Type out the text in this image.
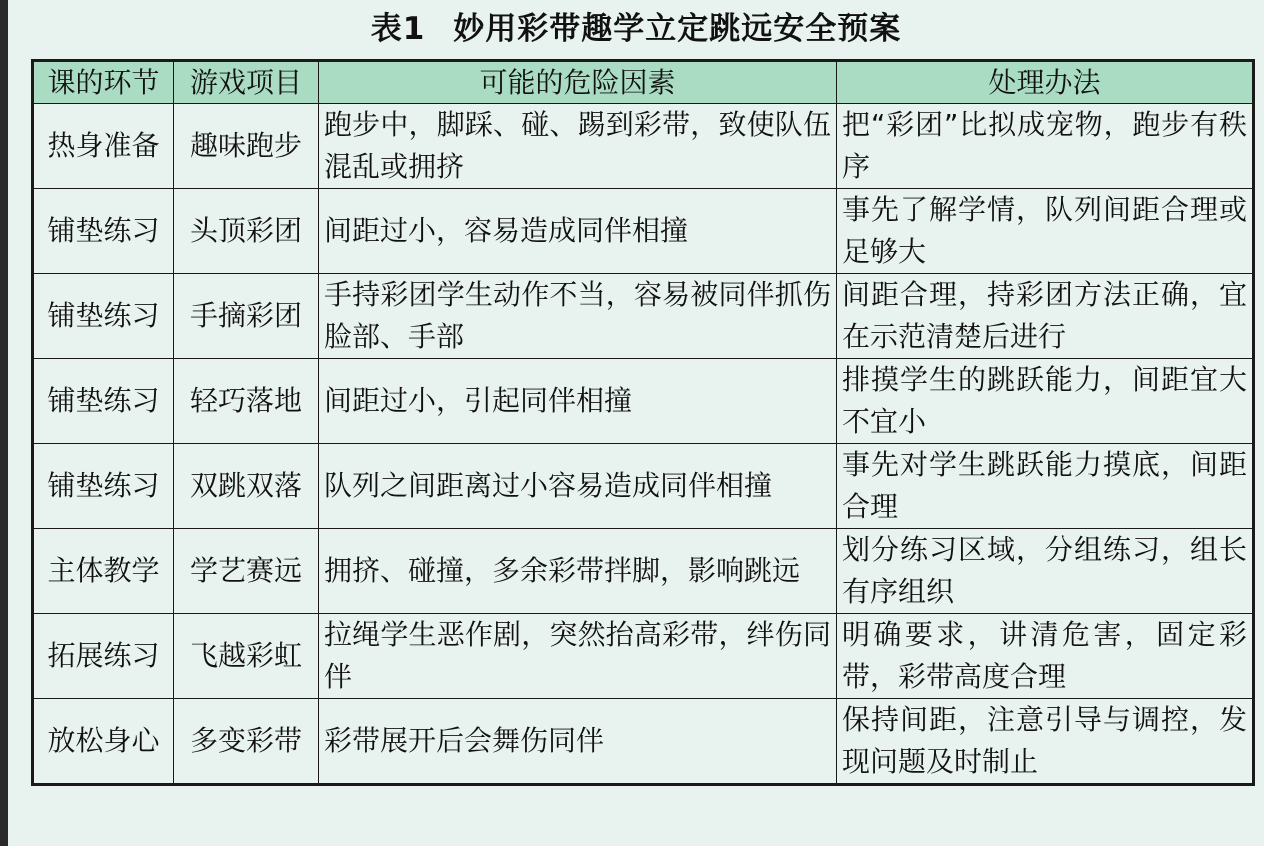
表1 妙用彩带趣学立定跳远安全预案
课的环节	游戏项目	可能的危险因素	处理办法
热身准备	趣味跑步	跑步中，脚踩、碰、踢到彩带，致使队伍混乱或拥挤	把“彩团”比拟成宠物，跑步有秩序
铺垫练习	头顶彩团	间距过小，容易造成同伴相撞	事先了解学情，队列间距合理或足够大
铺垫练习	手摘彩团	手持彩团学生动作不当，容易被同伴抓伤脸部、手部	间距合理，持彩团方法正确，宜在示范清楚后进行
铺垫练习	轻巧落地	间距过小，引起同伴相撞	排摸学生的跳跃能力，间距宜大不宜小
铺垫练习	双跳双落	队列之间距离过小容易造成同伴相撞	事先对学生跳跃能力摸底，间距合理
主体教学	学艺赛远	拥挤、碰撞，多余彩带拌脚，影响跳远	划分练习区域，分组练习，组长有序组织
拓展练习	飞越彩虹	拉绳学生恶作剧，突然抬高彩带，绊伤同伴	明确要求，讲清危害，固定彩带，彩带高度合理
放松身心	多变彩带	彩带展开后会舞伤同伴	保持间距，注意引导与调控，发现问题及时制止
